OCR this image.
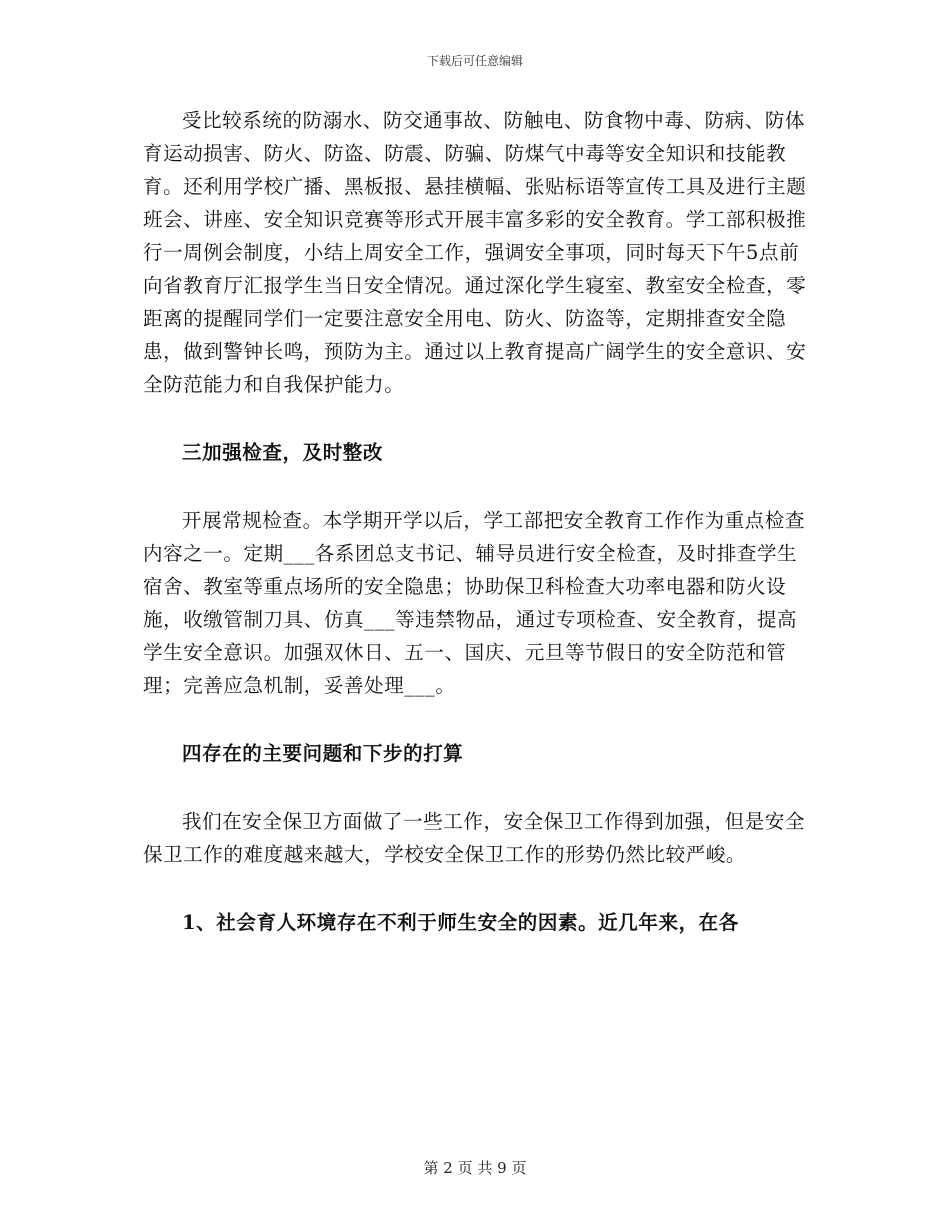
下载后可任意编辑

受比较系统的防溺水、防交通事故、防触电、防食物中毒、防病、防体育运动损害、防火、防盗、防震、防骗、防煤气中毒等安全知识和技能教育。还利用学校广播、黑板报、悬挂横幅、张贴标语等宣传工具及进行主题班会、讲座、安全知识竞赛等形式开展丰富多彩的安全教育。学工部积极推行一周例会制度，小结上周安全工作，强调安全事项，同时每天下午5点前向省教育厅汇报学生当日安全情况。通过深化学生寝室、教室安全检查，零距离的提醒同学们一定要注意安全用电、防火、防盗等，定期排查安全隐患，做到警钟长鸣，预防为主。通过以上教育提高广阔学生的安全意识、安全防范能力和自我保护能力。

三加强检查，及时整改

开展常规检查。本学期开学以后，学工部把安全教育工作作为重点检查内容之一。定期___各系团总支书记、辅导员进行安全检查，及时排查学生宿舍、教室等重点场所的安全隐患；协助保卫科检查大功率电器和防火设施，收缴管制刀具、仿真___等违禁物品，通过专项检查、安全教育，提高学生安全意识。加强双休日、五一、国庆、元旦等节假日的安全防范和管理；完善应急机制，妥善处理___。

四存在的主要问题和下步的打算

我们在安全保卫方面做了一些工作，安全保卫工作得到加强，但是安全保卫工作的难度越来越大，学校安全保卫工作的形势仍然比较严峻。

1、社会育人环境存在不利于师生安全的因素。近几年来，在各

第 2 页 共 9 页
